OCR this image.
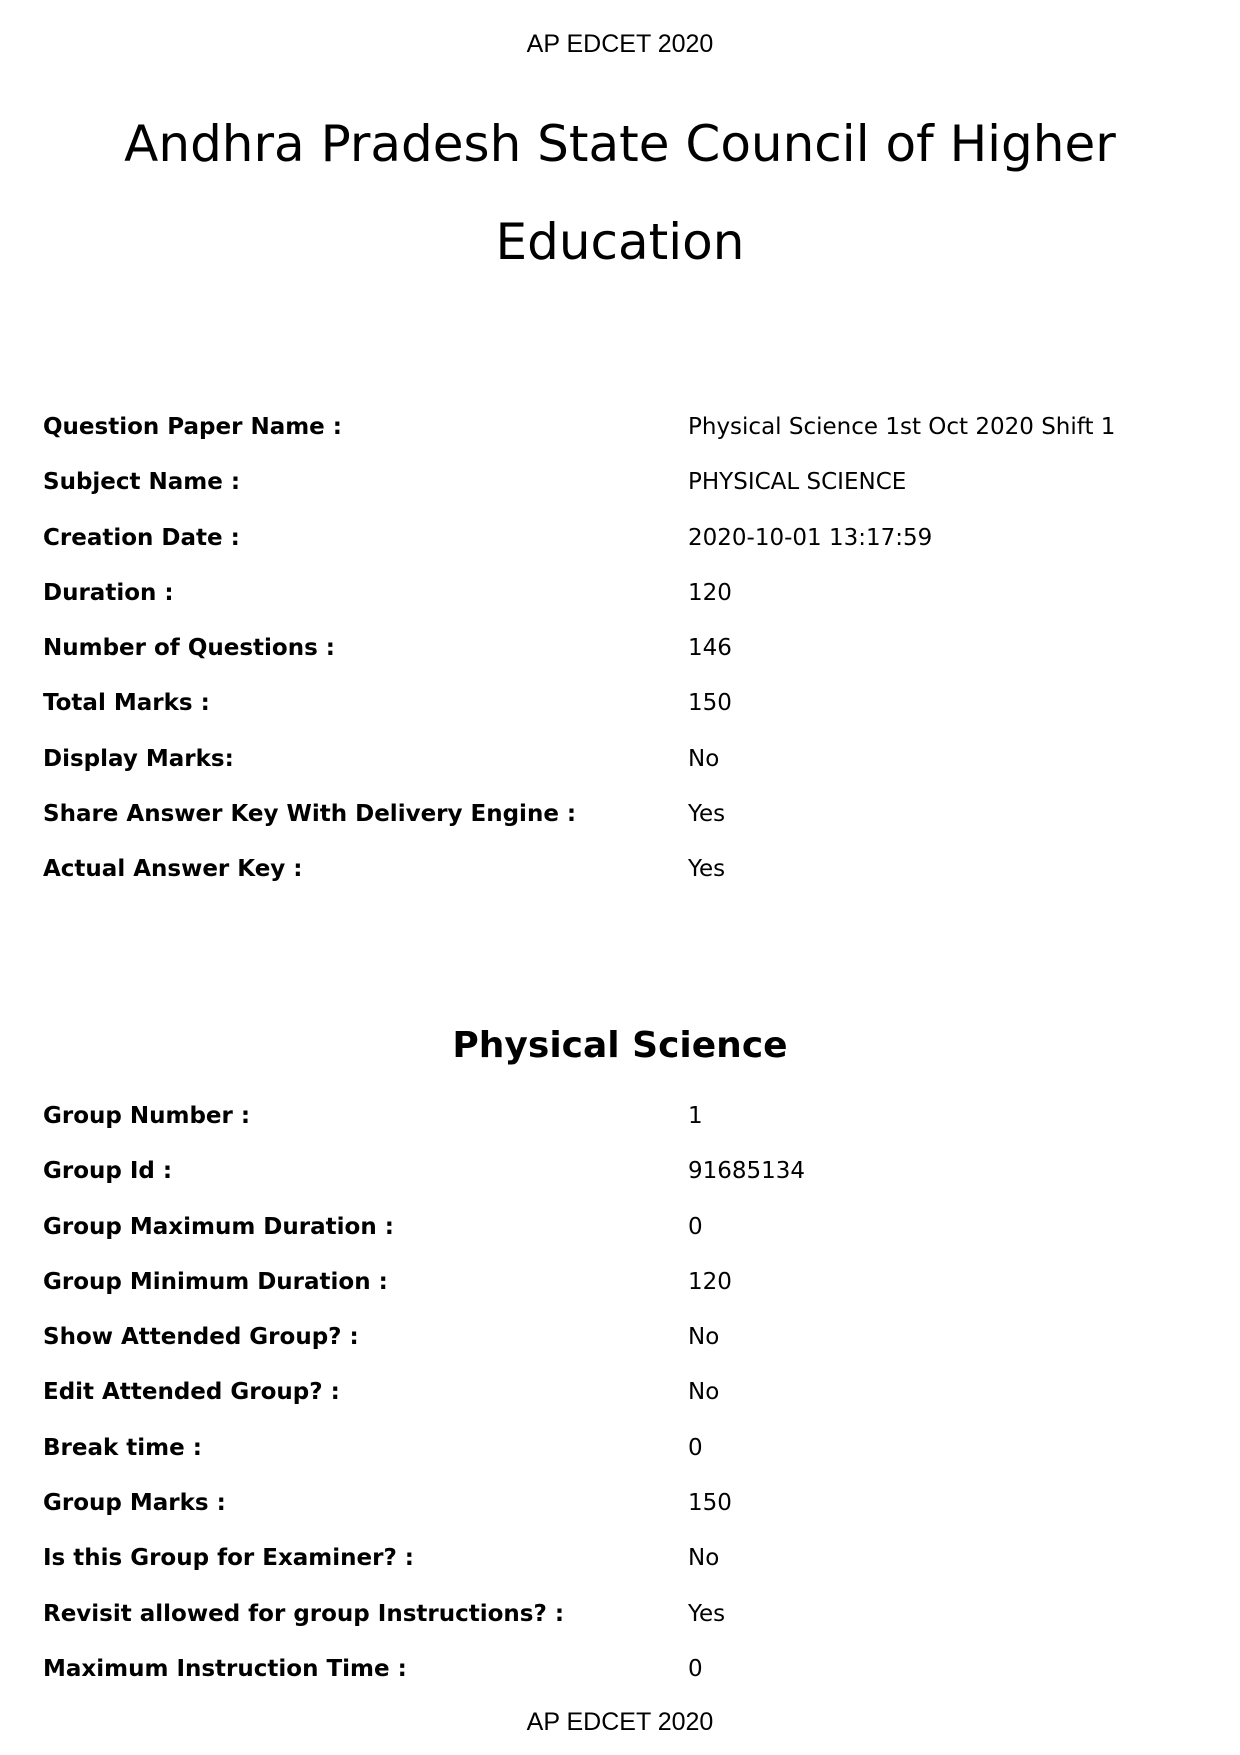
AP EDCET 2020
Andhra Pradesh State Council of Higher Education
Question Paper Name :	Physical Science 1st Oct 2020 Shift 1
Subject Name :	PHYSICAL SCIENCE
Creation Date :	2020-10-01 13:17:59
Duration :	120
Number of Questions :	146
Total Marks :	150
Display Marks:	No
Share Answer Key With Delivery Engine :	Yes
Actual Answer Key :	Yes
Physical Science
Group Number :	1
Group Id :	91685134
Group Maximum Duration :	0
Group Minimum Duration :	120
Show Attended Group? :	No
Edit Attended Group? :	No
Break time :	0
Group Marks :	150
Is this Group for Examiner? :	No
Revisit allowed for group Instructions? :	Yes
Maximum Instruction Time :	0
AP EDCET 2020
